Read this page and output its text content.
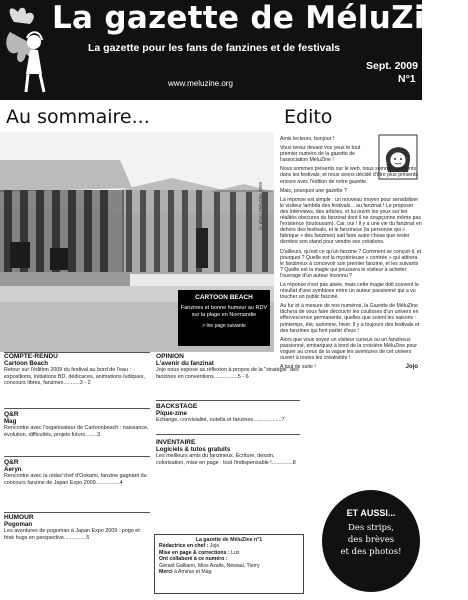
La gazette de MéluZine
La gazette pour les fans de fanzines et de festivals
www.meluzine.org
Sept. 2009
N°1
Au sommaire...	Edito
© photo MéluZine 2009
CARTOON BEACH
Fanzines et bonne humeur au RDV sur la plage en Normandie
> lire page suivante

Amis lecteurs, bonjour !

Vous tenez devant vos yeux le tout premier numéro de la gazette de l'association MéluZine !

Nous sommes présents sur le web, nous sommes présents dans les festivals, et nous avons décidé d'être plus présents encore avec l'édition de notre gazette.

Mais, pourquoi une gazette ?

La réponse est simple : un nouveau moyen pour sensibiliser le visiteur lambda des festivals... au fanzinat ! Le proposer des interviews, des articles, et lui ouvrir les yeux sur les réalités obscures du fanzinat dont il ne soupçonne même pas l'existence (toutouuum). Car, oui ! Il y a une vie du fanzinat en dehors des festivals, et le fanzineux (la personne qui « fabrique » des fanzines) sait faire autre chose que rester derrière son stand pour vendre ses créations.

D'ailleurs, qu'est ce qu'un fanzine ? Comment se conçoit-il, et pourquoi ? Quelle est la mystérieuse « contrée » qui attirera le fanzineux à concevoir son premier fanzine, et les suivants ? Quelle est la magie qui poussera le visiteur à acheter l'ouvrage d'un auteur inconnu ?

La réponse n'est pas aisée, mais cette magie doit souvent le résultat d'une symbiose entre un auteur passionné qui a vu toucher un public fasciné.

Au fur et à mesure de nos numéros, la Gazette de MéluZine tâchera de vous faire découvrir les coulisses d'un univers en effervescence permanente, quelles que soient les saisons : printemps, été, automne, hiver. Il y a toujours des festivals et des fanzines qui font parler d'eux !

Alors que vous soyez un visiteur curieux ou un fanzineux passionné, embarquez à bord de la croisière MéluZine pour voguer au creux de la vague les aventures de cet univers ouvert à toutes les créativités !

A tout de suite !	Jojo

COMPTE-RENDU
Cartoon Beach
Retour sur l'édition 2009 du festival au bord de l'eau : expositions, initiations BD, dédicaces, animations ludiques, concours libres, fanzines...........3 - 2
Q&R
Mag
Rencontre avec l'organisateur de Cartoonbeach : naissance, évolution, difficultés, projets futurs........3
Q&R
Aeryn
Rencontre avec la rédac'chef d'Ookami, fanzine gagnant du concours fanzine de Japan Expo 2009................4
HUMOUR
Pogoman
Les aventures de pogoman à Japan Expo 2009 : pogo et frisé hugs en perspective...............5
OPINION
L'avenir du fanzinat
Jojo nous expose sa réflexion à propos de la "stratégie" des fanzines en conventions................5 - 6
BACKSTAGE
Pique-zine
Echange, convivialité, nutella et fanzines...................7
INVENTAIRE
Logiciels & tutos gratuits
Les meilleurs amis du fanzineux. Écriture, dessin, colorisation, mise en page : tout l'indispensable !..............8
La gazette de MéluZine n°1
Rédactrice en chef : Jojo
Mise en page & corrections : Lux
Ont collaboré à ce numéro :
Gérald Galliano, Miss Azalis, Néwaal, Tierry
Merci à Amirax et Mag
ET AUSSI...
Des strips,
des brèves
et des photos!
